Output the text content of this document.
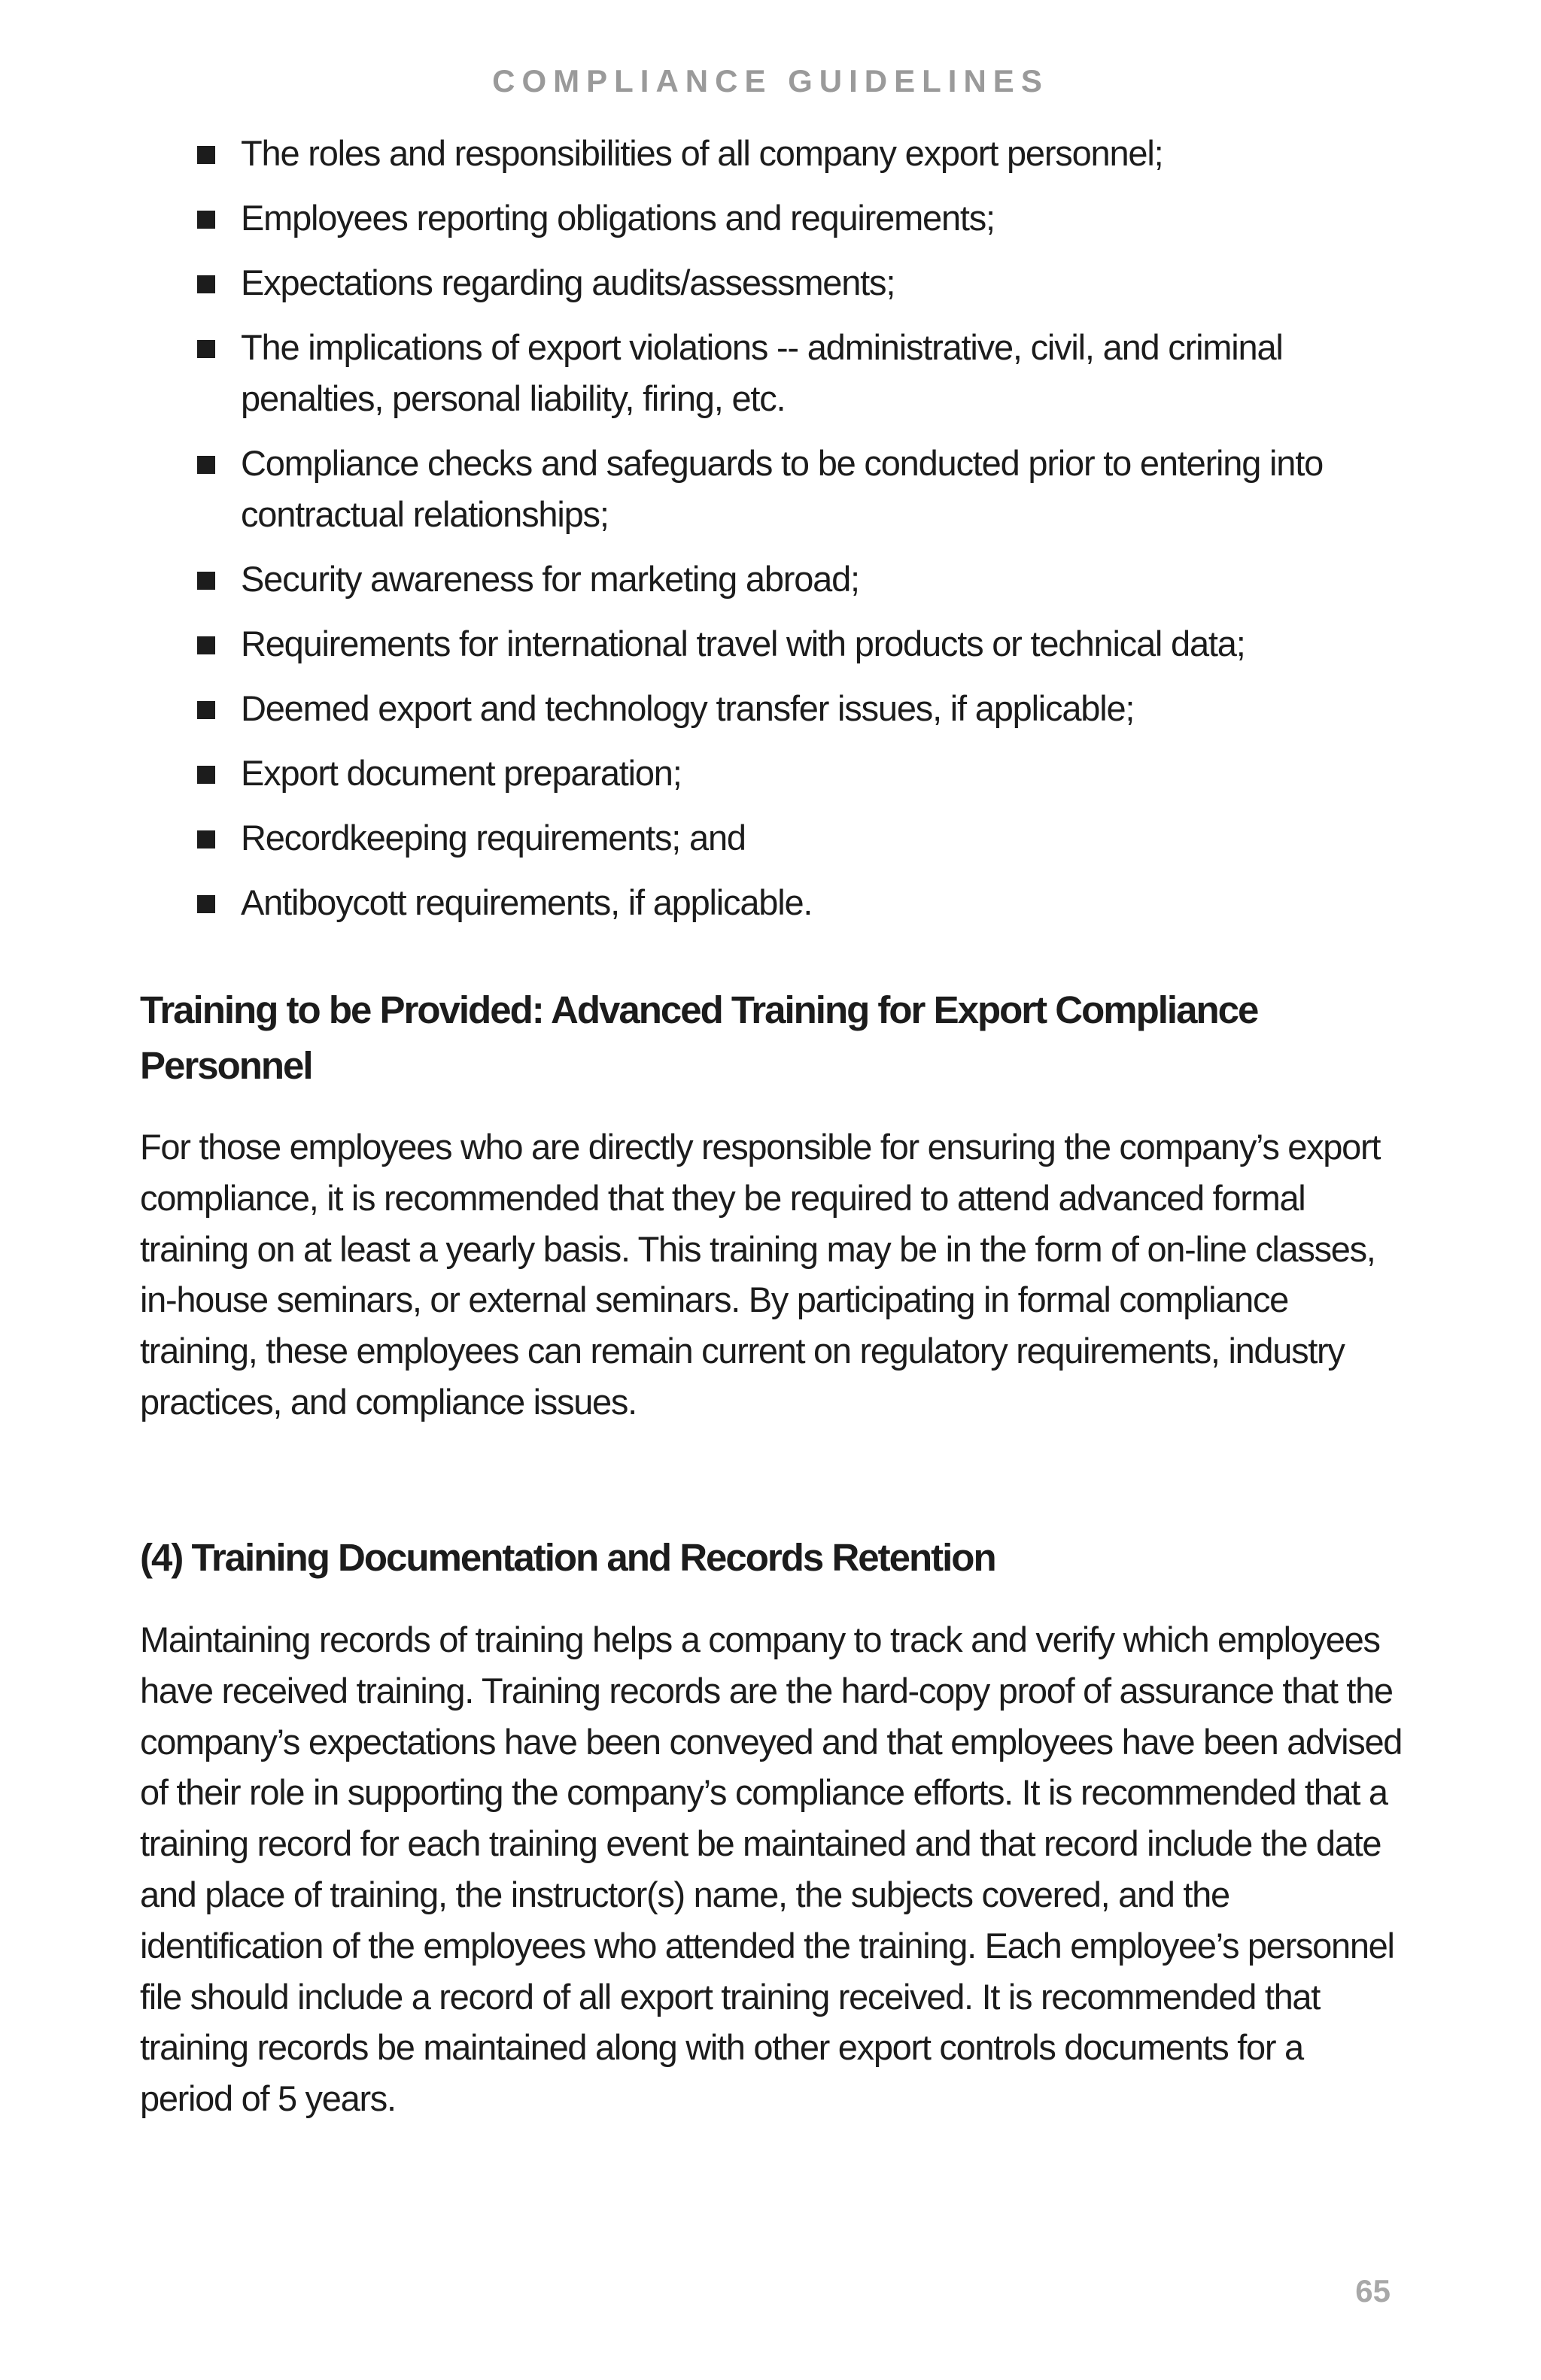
COMPLIANCE GUIDELINES
The roles and responsibilities of all company export personnel;
Employees reporting obligations and requirements;
Expectations regarding audits/assessments;
The implications of export violations -- administrative, civil, and criminal penalties, personal liability, firing, etc.
Compliance checks and safeguards to be conducted prior to entering into contractual relationships;
Security awareness for marketing abroad;
Requirements for international travel with products or technical data;
Deemed export and technology transfer issues, if applicable;
Export document preparation;
Recordkeeping requirements; and
Antiboycott requirements, if applicable.
Training to be Provided: Advanced Training for Export Compliance Personnel

For those employees who are directly responsible for ensuring the company’s export compliance, it is recommended that they be required to attend advanced formal training on at least a yearly basis. This training may be in the form of on-line classes, in-house seminars, or external seminars. By participating in formal compliance training, these employees can remain current on regulatory requirements, industry practices, and compliance issues.

(4) Training Documentation and Records Retention

Maintaining records of training helps a company to track and verify which employees have received training. Training records are the hard-copy proof of assurance that the company’s expectations have been conveyed and that employees have been advised of their role in supporting the company’s compliance efforts. It is recommended that a training record for each training event be maintained and that record include the date and place of training, the instructor(s) name, the subjects covered, and the identification of the employees who attended the training. Each employee’s personnel file should include a record of all export training received. It is recommended that training records be maintained along with other export controls documents for a period of 5 years.

65
